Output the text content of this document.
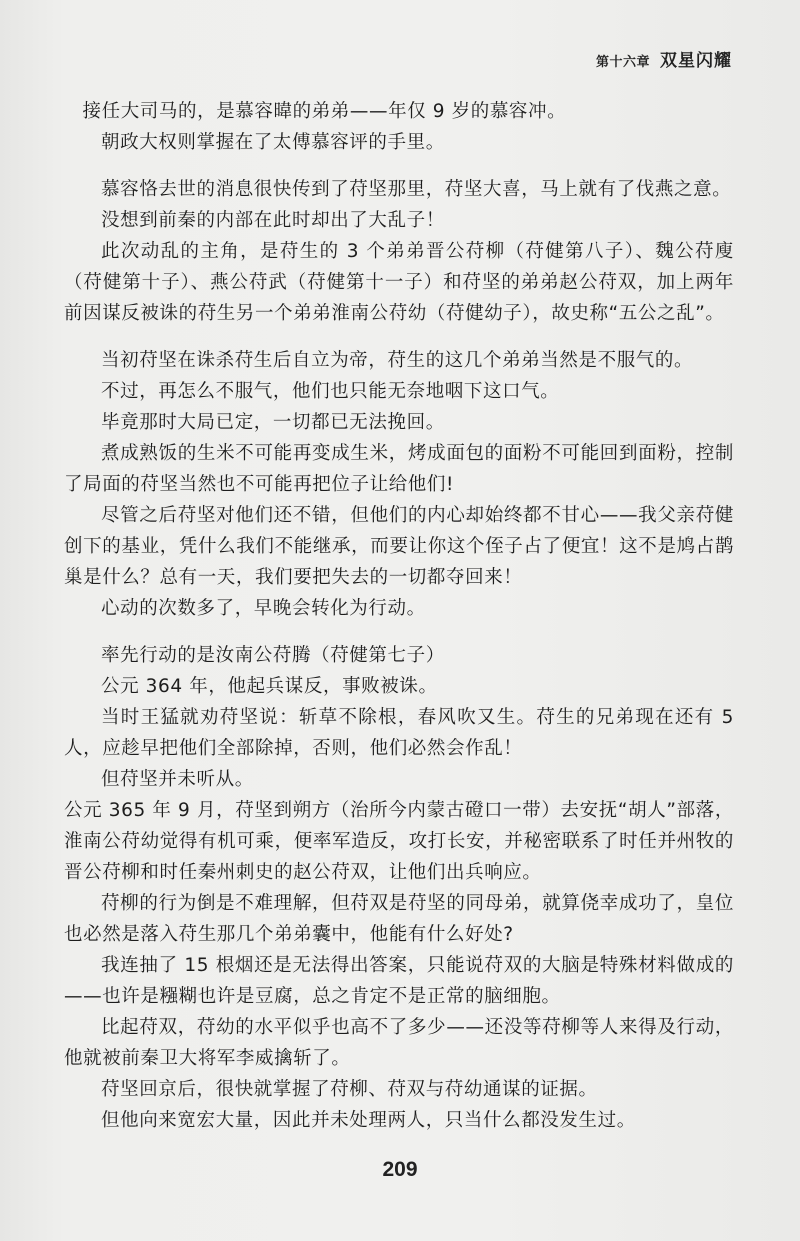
第十六章 双星闪耀

接任大司马的，是慕容暐的弟弟——年仅 9 岁的慕容冲。

朝政大权则掌握在了太傅慕容评的手里。

慕容恪去世的消息很快传到了苻坚那里，苻坚大喜，马上就有了伐燕之意。

没想到前秦的内部在此时却出了大乱子！

此次动乱的主角，是苻生的 3 个弟弟晋公苻柳（苻健第八子）、魏公苻廋（苻健第十子）、燕公苻武（苻健第十一子）和苻坚的弟弟赵公苻双，加上两年前因谋反被诛的苻生另一个弟弟淮南公苻幼（苻健幼子），故史称“五公之乱”。

当初苻坚在诛杀苻生后自立为帝，苻生的这几个弟弟当然是不服气的。

不过，再怎么不服气，他们也只能无奈地咽下这口气。

毕竟那时大局已定，一切都已无法挽回。

煮成熟饭的生米不可能再变成生米，烤成面包的面粉不可能回到面粉，控制了局面的苻坚当然也不可能再把位子让给他们!

尽管之后苻坚对他们还不错，但他们的内心却始终都不甘心——我父亲苻健创下的基业，凭什么我们不能继承，而要让你这个侄子占了便宜！这不是鸠占鹊巢是什么？总有一天，我们要把失去的一切都夺回来！

心动的次数多了，早晚会转化为行动。

率先行动的是汝南公苻腾（苻健第七子）

公元 364 年，他起兵谋反，事败被诛。

当时王猛就劝苻坚说：斩草不除根，春风吹又生。苻生的兄弟现在还有 5 人，应趁早把他们全部除掉，否则，他们必然会作乱！

但苻坚并未听从。

公元 365 年 9 月，苻坚到朔方（治所今内蒙古磴口一带）去安抚“胡人”部落，淮南公苻幼觉得有机可乘，便率军造反，攻打长安，并秘密联系了时任并州牧的晋公苻柳和时任秦州刺史的赵公苻双，让他们出兵响应。

苻柳的行为倒是不难理解，但苻双是苻坚的同母弟，就算侥幸成功了，皇位也必然是落入苻生那几个弟弟囊中，他能有什么好处?

我连抽了 15 根烟还是无法得出答案，只能说苻双的大脑是特殊材料做成的——也许是糨糊也许是豆腐，总之肯定不是正常的脑细胞。

比起苻双，苻幼的水平似乎也高不了多少——还没等苻柳等人来得及行动，他就被前秦卫大将军李威擒斩了。

苻坚回京后，很快就掌握了苻柳、苻双与苻幼通谋的证据。

但他向来宽宏大量，因此并未处理两人，只当什么都没发生过。

209
